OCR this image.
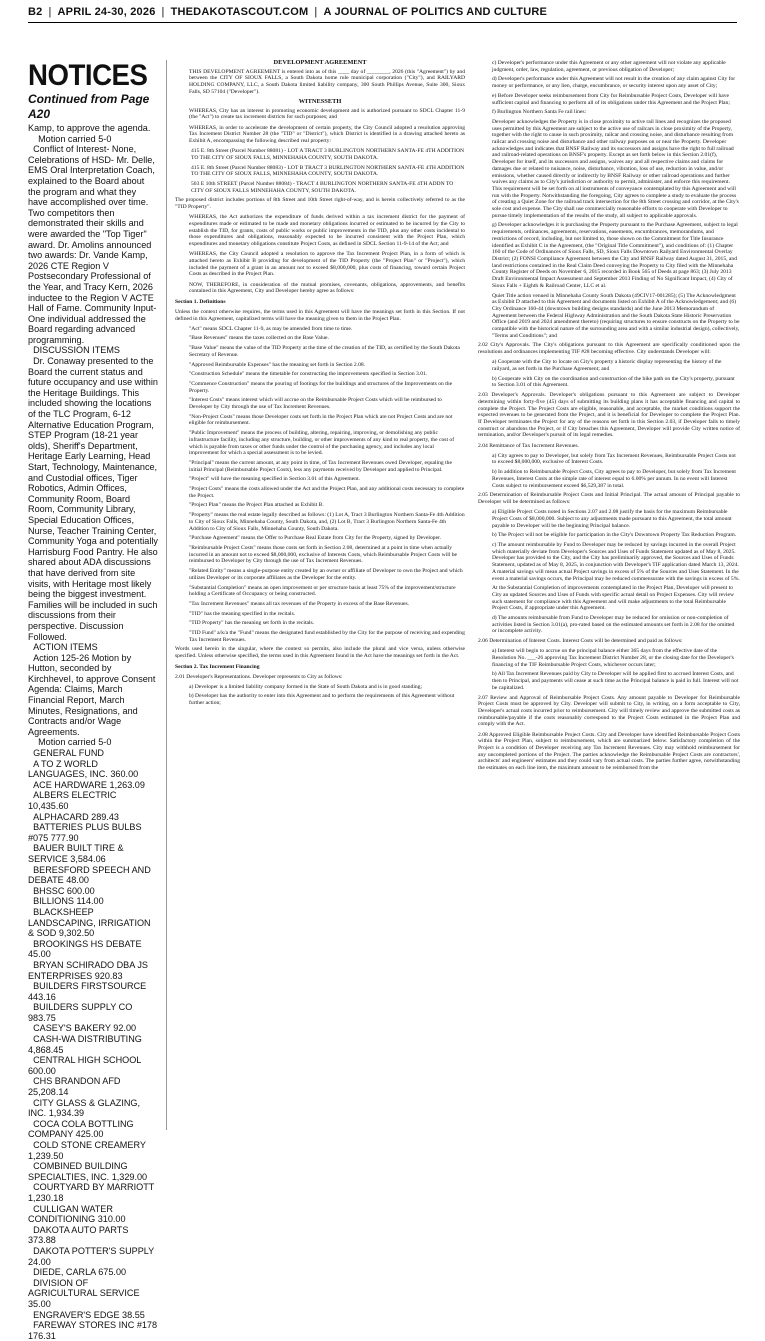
B2 | APRIL 24-30, 2026 | THEDAKOTASCOUT.COM | A JOURNAL OF POLITICS AND CULTURE
NOTICES
Continued from Page A20
Kamp, to approve the agenda.
Motion carried 5-0
Conflict of Interest- None, Celebrations of HSD- Mr. Delle, EMS Oral Interpretation Coach, explained to the Board about the program and what they have accomplished over time. Two competitors then demonstrated their skills and were awarded the "Top Tiger" award. Dr. Amolins announced two awards: Dr. Vande Kamp, 2026 CTE Region V Postsecondary Professional of the Year, and Tracy Kern, 2026 inductee to the Region V ACTE Hall of Fame. Community Input- One individual addressed the Board regarding advanced programming.
DISCUSSION ITEMS
Dr. Conaway presented to the Board the current status and future occupancy and use within the Heritage Buildings. This included showing the locations of the TLC Program, 6-12 Alternative Education Program, STEP Program (18-21 year olds), Sheriff's Department, Heritage Early Learning, Head Start, Technology, Maintenance, and Custodial offices, Tiger Robotics, Admin Offices, Community Room, Board Room, Community Library, Special Education Offices, Nurse, Teacher Training Center, Community Yoga and potentially Harrisburg Food Pantry. He also shared about ADA discussions that have derived from site visits, with Heritage most likely being the biggest investment. Families will be included in such discussions from their perspective. Discussion Followed.
ACTION ITEMS
Action 125-26 Motion by Hutton, seconded by KirchheveI, to approve Consent Agenda: Claims, March Financial Report, March Minutes, Resignations, and Contracts and/or Wage Agreements.
Motion carried 5-0
GENERAL FUND
A TO Z WORLD LANGUAGES, INC. 360.00
ACE HARDWARE 1,263.09
ALBERS ELECTRIC 10,435.60
ALPHACARD 289.43
BATTERIES PLUS BULBS #075 777.90
BAUER BUILT TIRE & SERVICE 3,584.06
BERESFORD SPEECH AND DEBATE 48.00
BHSSC 600.00
BILLIONS 114.00
BLACKSHEEP LANDSCAPING, IRRIGATION & SOD 9,302.50
BROOKINGS HS DEBATE 45.00
BRYAN SCHIRADO DBA JS ENTERPRISES 920.83
BUILDERS FIRSTSOURCE 443.16
BUILDERS SUPPLY CO 983.75
CASEY'S BAKERY 92.00
CASH-WA DISTRIBUTING 4,868.45
CENTRAL HIGH SCHOOL 600.00
CHS BRANDON AFD 25,208.14
CITY GLASS & GLAZING, INC. 1,934.39
COCA COLA BOTTLING COMPANY 425.00
COLD STONE CREAMERY 1,239.50
COMBINED BUILDING SPECIALTIES, INC. 1,329.00
COURTYARD BY MARRIOTT 1,230.18
CULLIGAN WATER CONDITIONING 310.00
DAKOTA AUTO PARTS 373.88
DAKOTA POTTER'S SUPPLY 24.00
DIEDE, CARLA 675.00
DIVISION OF AGRICULTURAL SERVICE 35.00
ENGRAVER'S EDGE 38.55
FAREWAY STORES INC #178 176.31
DEVELOPMENT AGREEMENT

THIS DEVELOPMENT AGREEMENT is entered into as of this ____ day of ________, 2026 (this "Agreement") by and between the CITY OF SIOUX FALLS, a South Dakota home rule municipal corporation ("City"), and RAILYARD HOLDING COMPANY, LLC, a South Dakota limited liability company, 300 South Phillips Avenue, Suite 300, Sioux Falls, SD 57104 ("Developer").

WITNESSETH

WHEREAS, City has an interest in promoting economic development and is authorized pursuant to SDCL Chapter 11-9 (the "Act") to create tax increment districts for such purposes; and

WHEREAS, in order to accelerate the development of certain property, the City Council adopted a resolution approving Tax Increment District Number 28 (the "TID" or "District"), which District is identified in a drawing attached hereto as Exhibit A, encompassing the following described real property:

415 E. 8th Street (Parcel Number 88081) - LOT A TRACT 3 BURLINGTON NORTHERN SANTA-FE 4TH ADDITION TO THE CITY OF SIOUX FALLS, MINNEHAHA COUNTY, SOUTH DAKOTA.

415 E. 8th Street (Parcel Number 88083) - LOT B TRACT 3 BURLINGTON NORTHERN SANTA-FE 4TH ADDITION TO THE CITY OF SIOUX FALLS, MINNEHAHA COUNTY, SOUTH DAKOTA.

503 E 10th STREET (Parcel Number 88084) - TRACT 4 BURLINGTON NORTHERN SANTA-FE 4TH ADDN TO CITY OF SIOUX FALLS MINNEHAHA COUNTY, SOUTH DAKOTA.

The proposed district includes portions of 8th Street and 10th Street right-of-way, and is herein collectively referred to as the "TID Property".

WHEREAS, the Act authorizes the expenditure of funds derived within a tax increment district for the payment of expenditures made or estimated to be made and monetary obligations incurred or estimated to be incurred by the City to establish the TID, for grants, costs of public works or public improvements in the TID, plus any other costs incidental to those expenditures and obligations, reasonably expected to be incurred consistent with the Project Plan, which expenditures and monetary obligations constitute Project Costs, as defined in SDCL Section 11-9-14 of the Act; and

WHEREAS, the City Council adopted a resolution to approve the Tax Increment Project Plan, in a form of which is attached hereto as Exhibit B providing for development of the TID Property (the "Project Plan" or "Project"), which included the payment of a grant in an amount not to exceed $8,000,000, plus costs of financing, toward certain Project Costs as described in the Project Plan.

NOW, THEREFORE, in consideration of the mutual promises, covenants, obligations, approvements, and benefits contained in this Agreement, City and Developer hereby agree as follows:

Section 1. Definitions

Unless the context otherwise requires, the terms used in this Agreement will have the meanings set forth in this Section. If not defined in this Agreement, capitalized terms will have the meaning given to them in the Project Plan.

"Act" means SDCL Chapter 11-9, as may be amended from time to time.

"Base Revenues" means the taxes collected on the Base Value.

"Base Value" means the value of the TID Property at the time of the creation of the TID, as certified by the South Dakota Secretary of Revenue.

"Approved Reimbursable Expenses" has the meaning set forth in Section 2.08.

"Construction Schedule" means the timetable for constructing the improvements specified in Section 3.01.

"Commence Construction" means the pouring of footings for the buildings and structures of the Improvements on the Property.

"Interest Costs" means interest which will accrue on the Reimbursable Project Costs which will be reimbursed to Developer by City through the use of Tax Increment Revenues.

"Non-Project Costs" means those Developer costs set forth in the Project Plan which are not Project Costs and are not eligible for reimbursement.

"Public Improvement" means the process of building, altering, repairing, improving, or demolishing any public infrastructure facility, including any structure, building, or other improvements of any kind to real property, the cost of which is payable from taxes or other funds under the control of the purchasing agency, and includes any local improvement for which a special assessment is to be levied.

"Principal" means the current amount, at any point in time, of Tax Increment Revenues owed Developer, equaling the initial Principal (Reimbursable Project Costs), less any payments received by Developer and applied to Principal.

"Project" will have the meaning specified in Section 3.01 of this Agreement.

"Project Costs" means the costs allowed under the Act and the Project Plan, and any additional costs necessary to complete the Project.

"Project Plan" means the Project Plan attached as Exhibit B.

"Property" means the real estate legally described as follows: (1) Lot A, Tract 3 Burlington Northern Santa-Fe 4th Addition to City of Sioux Falls, Minnehaha County, South Dakota, and, (2) Lot B, Tract 3 Burlington Northern Santa-Fe 4th Addition to City of Sioux Falls, Minnehaha County, South Dakota.

"Purchase Agreement" means the Offer to Purchase Real Estate from City for the Property, signed by Developer.

"Reimbursable Project Costs" means those costs set forth in Section 2.08, determined at a point in time when actually incurred in an amount not to exceed $8,000,000, exclusive of Interests Costs, which Reimbursable Project Costs will be reimbursed to Developer by City through the use of Tax Increment Revenues.

"Related Entity" means a single-purpose entity created by an owner or affiliate of Developer to own the Project and which utilizes Developer or its corporate affiliates as the Developer for the entity.

"Substantial Completion" means an open improvement or per structure basis at least 75% of the improvement/structure holding a Certificate of Occupancy or being constructed.

"Tax Increment Revenues" means all tax revenues of the Property in excess of the Base Revenues.

"TID" has the meaning specified in the recitals.

"TID Property" has the meaning set forth in the recitals.

"TID Fund" a/k/a the "Fund" means the designated fund established by the City for the purpose of receiving and expending Tax Increment Revenues.

Words used herein in the singular, where the context so permits, also include the plural and vice versa, unless otherwise specified. Unless otherwise specified, the terms used in this Agreement found in the Act have the meanings set forth in the Act.

Section 2. Tax Increment Financing

2.01 Developer's Representations. Developer represents to City as follows:

a) Developer is a limited liability company formed in the State of South Dakota and is in good standing;

b) Developer has the authority to enter into this Agreement and to perform the requirements of this Agreement without further action;

c) Developer's performance under this Agreement or any other agreement will not violate any applicable judgment, order, law, regulation, agreement, or previous obligation of Developer;

d) Developer's performance under this Agreement will not result in the creation of any claim against City for money or performance, or any lien, charge, encumbrance, or security interest upon any asset of City;

e) Before Developer seeks reimbursement from City for Reimbursable Project Costs, Developer will have sufficient capital and financing to perform all of its obligations under this Agreement and the Project Plan;

f) Burlington Northern Santa Fe rail lines:

Developer acknowledges the Property is in close proximity to active rail lines and recognizes the proposed uses permitted by this Agreement are subject to the active use of railcars in close proximity of the Property, together with the right to cause in such proximity, railcar and crossing noise, and disturbance resulting from railcar and crossing noise and disturbance and other railway purposes on or near the Property. Developer acknowledges and indicates that BNSF Railway and its successors and assigns have the right to full railroad and railroad-related operations on BNSF's property. Except as set forth below in this Section 2.01(f), Developer for itself, and its successors and assigns, waives any and all respective claims and claims for damages due or related to nuisance, noise, disturbance, vibration, loss of use, reduction in value, and/or emissions, whether caused directly or indirectly by BNSF Railway or other railroad operations and further waives any claims as to City's jurisdiction or authority to permit, administer, and enforce this requirement. This requirement will be set forth on all instruments of conveyance contemplated by this Agreement and will run with the Property. Notwithstanding the foregoing, City agrees to complete a study to evaluate the process of creating a Quiet Zone for the railroad track intersection for the 8th Street crossing and corridor, at the City's sole cost and expense. The City shall use commercially reasonable efforts to cooperate with Developer to pursue timely implementation of the results of the study, all subject to applicable approvals.

g) Developer acknowledges it is purchasing the Property pursuant to the Purchase Agreement, subject to legal requirements, ordinances, agreements, reservations, easements, encumbrances, memorandums, and restrictions of record, including, but not limited to, those shown on the Commitment for Title Insurance identified as Exhibit C in the Agreement, (the "Original Title Commitment"), and conditions of: (1) Chapter 160 of the Code of Ordinances of Sioux Falls, SD, Sioux Falls Downtown Railyard Environmental Overlay District; (2) FONSI Compliance Agreement between the City and BNSF Railway dated August 31, 2015, and land restrictions contained in the Real Claim Deed conveying the Property to City filed with the Minnehaha County Register of Deeds on November 6, 2015 recorded in Book 565 of Deeds at page 863; (3) July 2013 Draft Environmental Impact Assessment and September 2013 Finding of No Significant Impact, (4) City of Sioux Falls + Eighth & Railroad Center, LLC et al.

Quiet Title action venued in Minnehaha County South Dakota (49CIV17-001285); (5) The Acknowledgment as Exhibit D attached to this Agreement and documents listed on Exhibit A of the Acknowledgement; and (6) City Ordinance 160-44 (downtown building designs standards) and the June 2013 Memorandum of Agreement between the Federal Highway Administration and the South Dakota State Historic Preservation Office (and 2019 and 2024 amendment thereto) (requiring structures to ensure constructs on the Property to be compatible with the historical nature of the surrounding area and with a similar industrial design), collectively, "Terms and Conditions"; and

2.02 City's Approvals. The City's obligations pursuant to this Agreement are specifically conditioned upon the resolutions and ordinances implementing TIF #28 becoming effective. City understands Developer will:

a) Cooperate with the City to locate on City's property a historic display representing the history of the railyard, as set forth in the Purchase Agreement; and

b) Cooperate with City on the coordination and construction of the bike path on the City's property, pursuant to Section 3.01 of this Agreement.

2.03 Developer's Approvals. Developer's obligations pursuant to this Agreement are subject to Developer determining within forty-five (45) days of submitting its building plans it has acceptable financing and capital to complete the Project. The Project Costs are eligible, reasonable, and acceptable, the market conditions support the expected revenues to be generated from the Project, and it is beneficial for Developer to complete the Project Plan. If Developer terminates the Project for any of the reasons set forth in this Section 2.03, if Developer fails to timely construct or abandons the Project, or if City breaches this Agreement, Developer will provide City written notice of termination, and/or Developer's pursuit of its legal remedies.

2.04 Remittance of Tax Increment Revenues.

a) City agrees to pay to Developer, but solely from Tax Increment Revenues, Reimbursable Project Costs not to exceed $8,000,000, exclusive of Interest Costs.

b) In addition to Reimbursable Project Costs, City agrees to pay to Developer, but solely from Tax Increment Revenues, Interest Costs at the simple rate of interest equal to 6.00% per annum. In no event will Interest Costs subject to reimbursement exceed $6,529,387 in total.

2.05 Determination of Reimbursable Project Costs and Initial Principal. The actual amount of Principal payable to Developer will be determined as follows:

a) Eligible Project Costs noted in Sections 2.07 and 2.08 justify the basis for the maximum Reimbursable Project Costs of $8,000,000. Subject to any adjustments made pursuant to this Agreement, the total amount payable to Developer will be the beginning Principal balance.

b) The Project will not be eligible for participation in the City's Downtown Property Tax Reduction Program.

c) The amount reimbursable by Fund to Developer may be reduced by savings incurred in the overall Project which materially deviate from Developer's Sources and Uses of Funds Statement updated as of May 8, 2025. Developer has provided to the City, and the City has preliminarily approved, the Sources and Uses of Funds Statement, updated as of May 8, 2025, in conjunction with Developer's TIF application dated March 13, 2024. A material savings will mean actual Project savings in excess of 5% of the Sources and Uses Statement. In the event a material savings occurs, the Principal may be reduced commensurate with the savings in excess of 5%.

At the Substantial Completion of improvements contemplated in the Project Plan, Developer will present to City an updated Sources and Uses of Funds with specific actual detail on Project Expenses. City will review such statement for compliance with this Agreement and will make adjustments to the total Reimbursable Project Costs, if appropriate under this Agreement.

d) The amounts reimbursable from Fund to Developer may be reduced for omission or non-completion of activities listed in Section 3.01(a), pro-rated based on the estimated amounts set forth in 2.08 for the omitted or incomplete activity.

2.06 Determination of Interest Costs. Interest Costs will be determined and paid as follows:

a) Interest will begin to accrue on the principal balance either 365 days from the effective date of the Resolution No. ___-26 approving Tax Increment District Number 28, or the closing date for the Developer's financing of the TIF Reimbursable Project Costs, whichever occurs later;

b) All Tax Increment Revenues paid by City to Developer will be applied first to accrued Interest Costs, and then to Principal, and payments will cease at such time as the Principal balance is paid in full. Interest will not be capitalized.

2.07 Review and Approval of Reimbursable Project Costs. Any amount payable to Developer for Reimbursable Project Costs must be approved by City. Developer will submit to City, in writing, on a form acceptable to City, Developer's actual costs incurred prior to reimbursement. City will timely review and approve the submitted costs as reimbursable/payable if the costs reasonably correspond to the Project Costs estimated in the Project Plan and comply with the Act.

2.08 Approved Eligible Reimbursable Project Costs. City and Developer have identified Reimbursable Project Costs within the Project Plan, subject to reimbursement, which are summarized below. Satisfactory completion of the Project is a condition of Developer receiving any Tax Increment Revenues. City may withhold reimbursement for any uncompleted portions of the Project. The parties acknowledge the Reimbursable Project Costs are contractors', architects' and engineers' estimates and they could vary from actual costs. The parties further agree, notwithstanding the estimates on each line item, the maximum amount to be reimbursed from the
